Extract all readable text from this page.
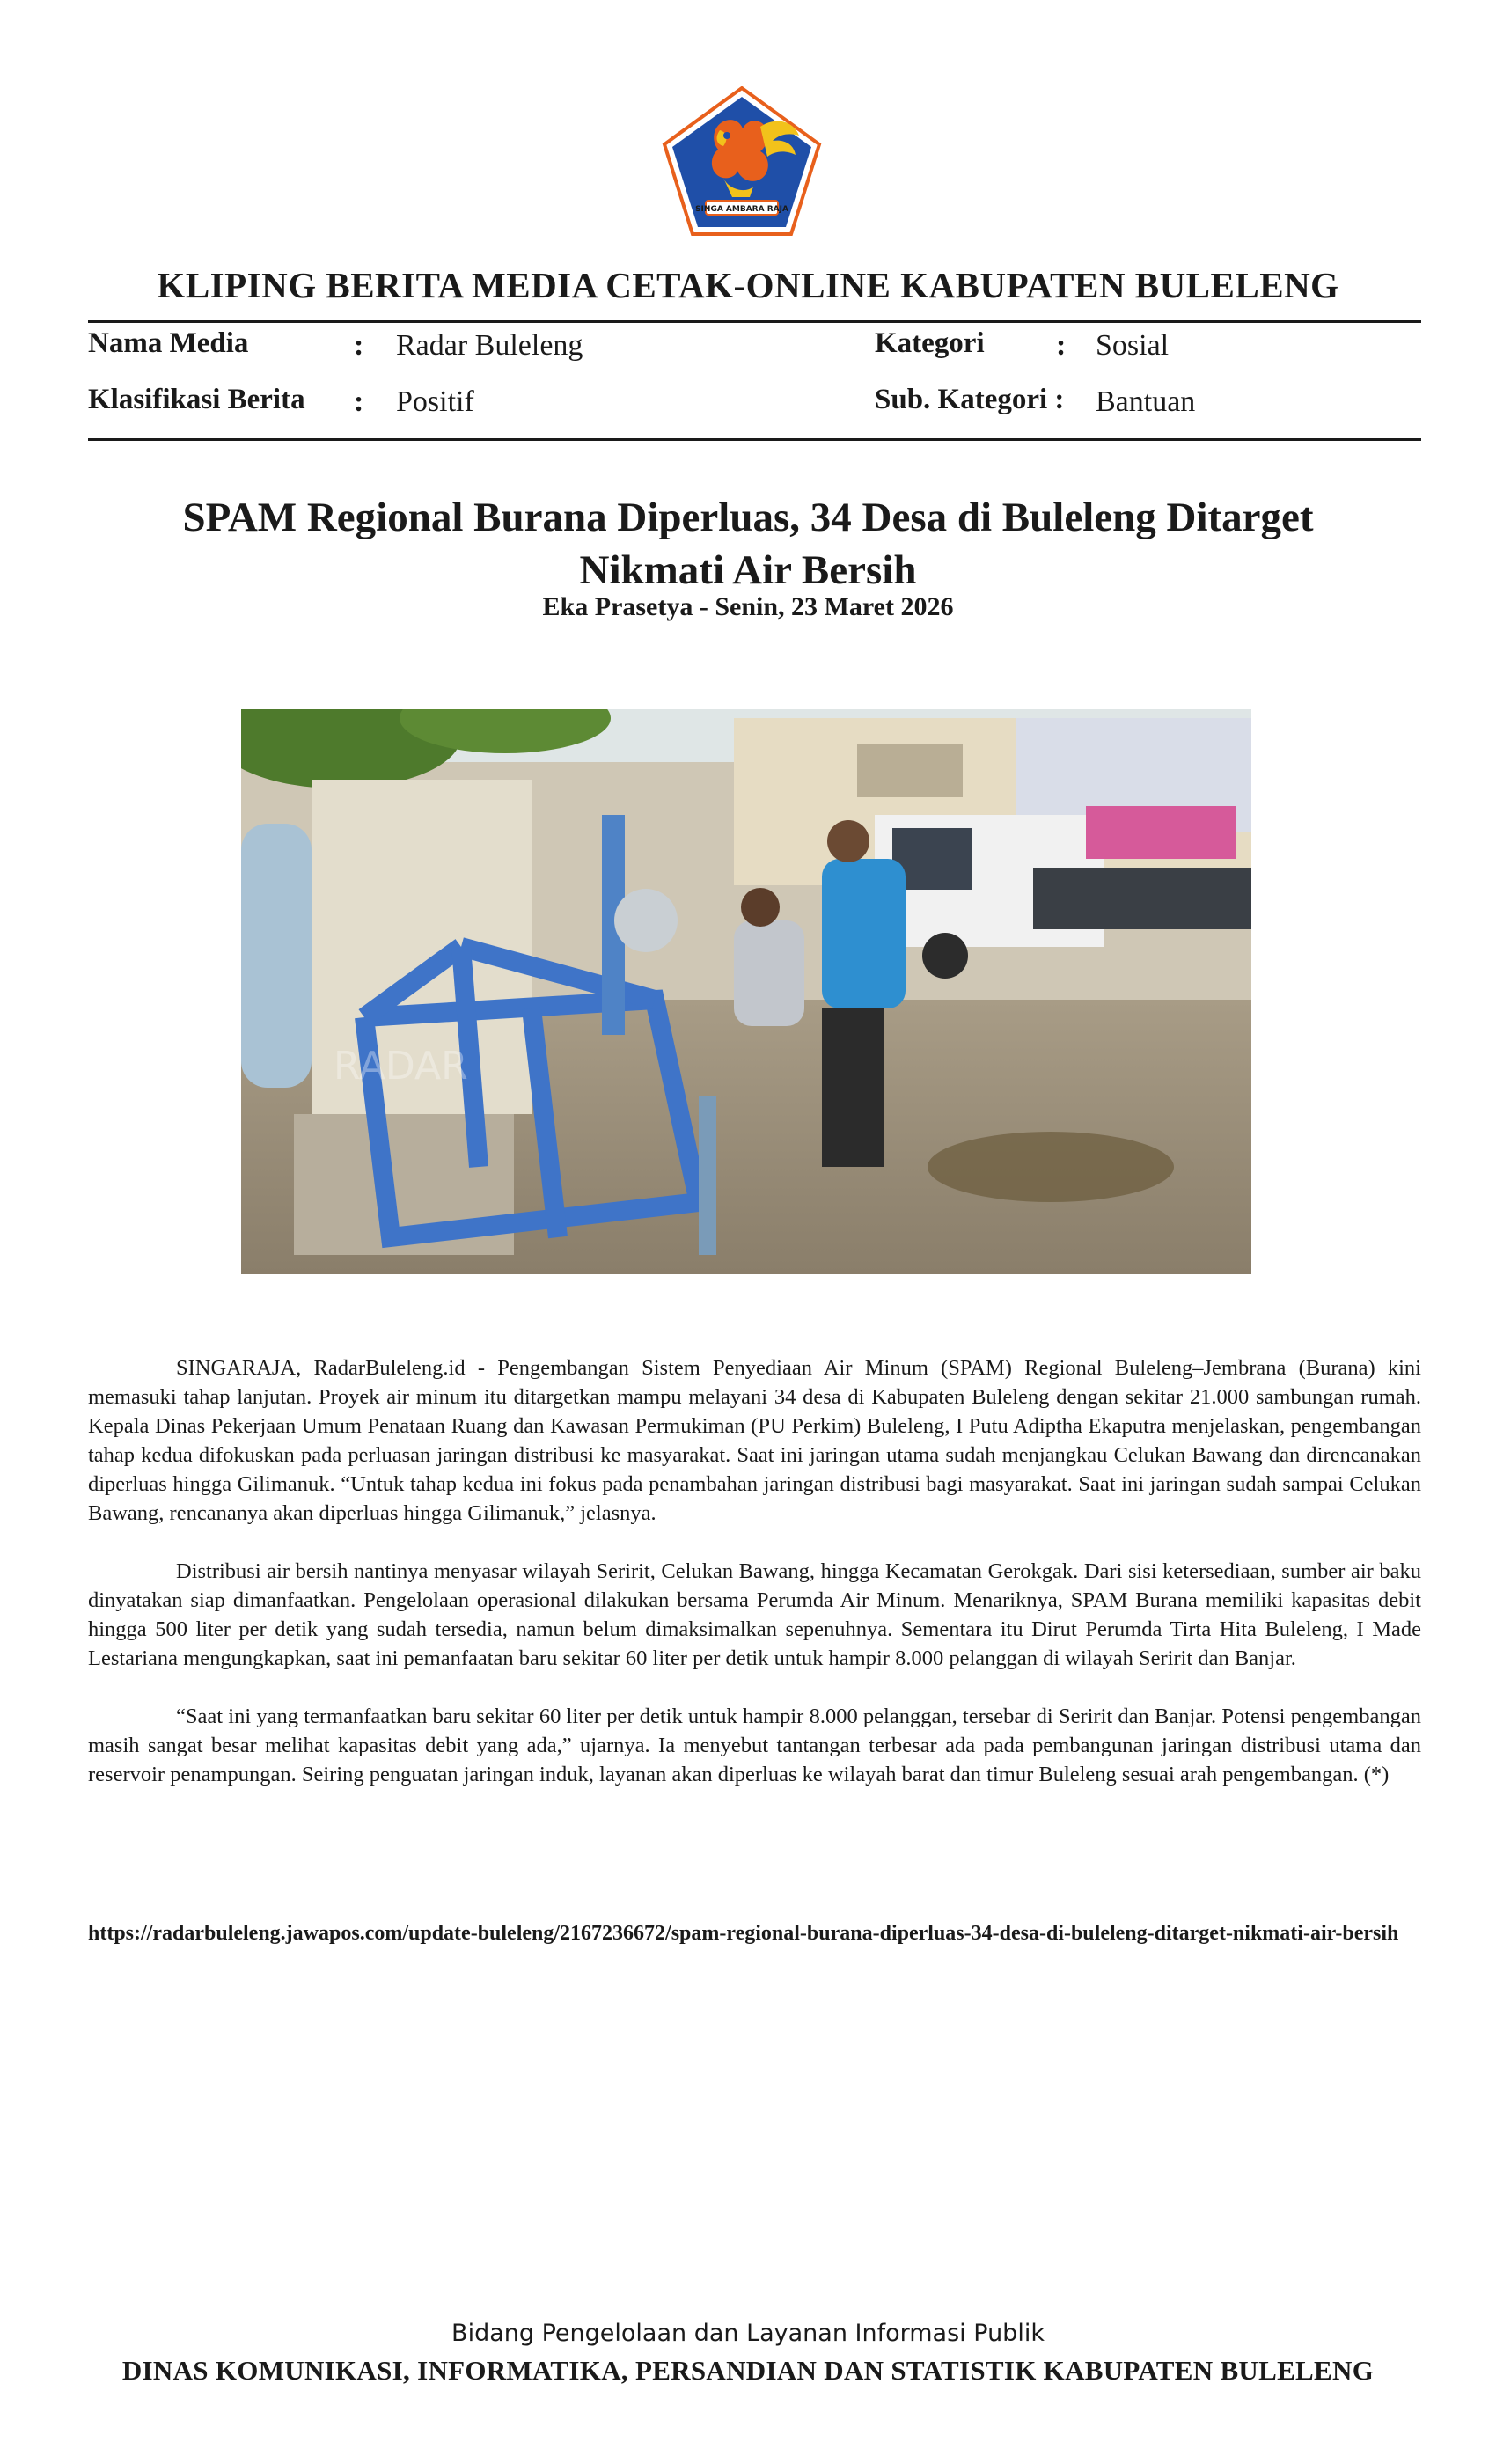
SINGA AMBARA RAJA
KLIPING BERITA MEDIA CETAK-ONLINE KABUPATEN BULELENG
Nama Media	: Radar Buleleng	Kategori : Sosial
Klasifikasi Berita : Positif	Sub. Kategori : Bantuan
SPAM Regional Burana Diperluas, 34 Desa di Buleleng Ditarget
Nikmati Air Bersih
Eka Prasetya - Senin, 23 Maret 2026
RADAR

SINGARAJA, RadarBuleleng.id - Pengembangan Sistem Penyediaan Air Minum (SPAM) Regional Buleleng–Jembrana (Burana) kini memasuki tahap lanjutan. Proyek air minum itu ditargetkan mampu melayani 34 desa di Kabupaten Buleleng dengan sekitar 21.000 sambungan rumah. Kepala Dinas Pekerjaan Umum Penataan Ruang dan Kawasan Permukiman (PU Perkim) Buleleng, I Putu Adiptha Ekaputra menjelaskan, pengembangan tahap kedua difokuskan pada perluasan jaringan distribusi ke masyarakat. Saat ini jaringan utama sudah menjangkau Celukan Bawang dan direncanakan diperluas hingga Gilimanuk. “Untuk tahap kedua ini fokus pada penambahan jaringan distribusi bagi masyarakat. Saat ini jaringan sudah sampai Celukan Bawang, rencananya akan diperluas hingga Gilimanuk,” jelasnya.

Distribusi air bersih nantinya menyasar wilayah Seririt, Celukan Bawang, hingga Kecamatan Gerokgak. Dari sisi ketersediaan, sumber air baku dinyatakan siap dimanfaatkan. Pengelolaan operasional dilakukan bersama Perumda Air Minum. Menariknya, SPAM Burana memiliki kapasitas debit hingga 500 liter per detik yang sudah tersedia, namun belum dimaksimalkan sepenuhnya. Sementara itu Dirut Perumda Tirta Hita Buleleng, I Made Lestariana mengungkapkan, saat ini pemanfaatan baru sekitar 60 liter per detik untuk hampir 8.000 pelanggan di wilayah Seririt dan Banjar.

“Saat ini yang termanfaatkan baru sekitar 60 liter per detik untuk hampir 8.000 pelanggan, tersebar di Seririt dan Banjar. Potensi pengembangan masih sangat besar melihat kapasitas debit yang ada,” ujarnya. Ia menyebut tantangan terbesar ada pada pembangunan jaringan distribusi utama dan reservoir penampungan. Seiring penguatan jaringan induk, layanan akan diperluas ke wilayah barat dan timur Buleleng sesuai arah pengembangan. (*)

https://radarbuleleng.jawapos.com/update-buleleng/2167236672/spam-regional-burana-diperluas-34-desa-di-buleleng-ditarget-nikmati-air-bersih
Bidang Pengelolaan dan Layanan Informasi Publik
DINAS KOMUNIKASI, INFORMATIKA, PERSANDIAN DAN STATISTIK KABUPATEN BULELENG
